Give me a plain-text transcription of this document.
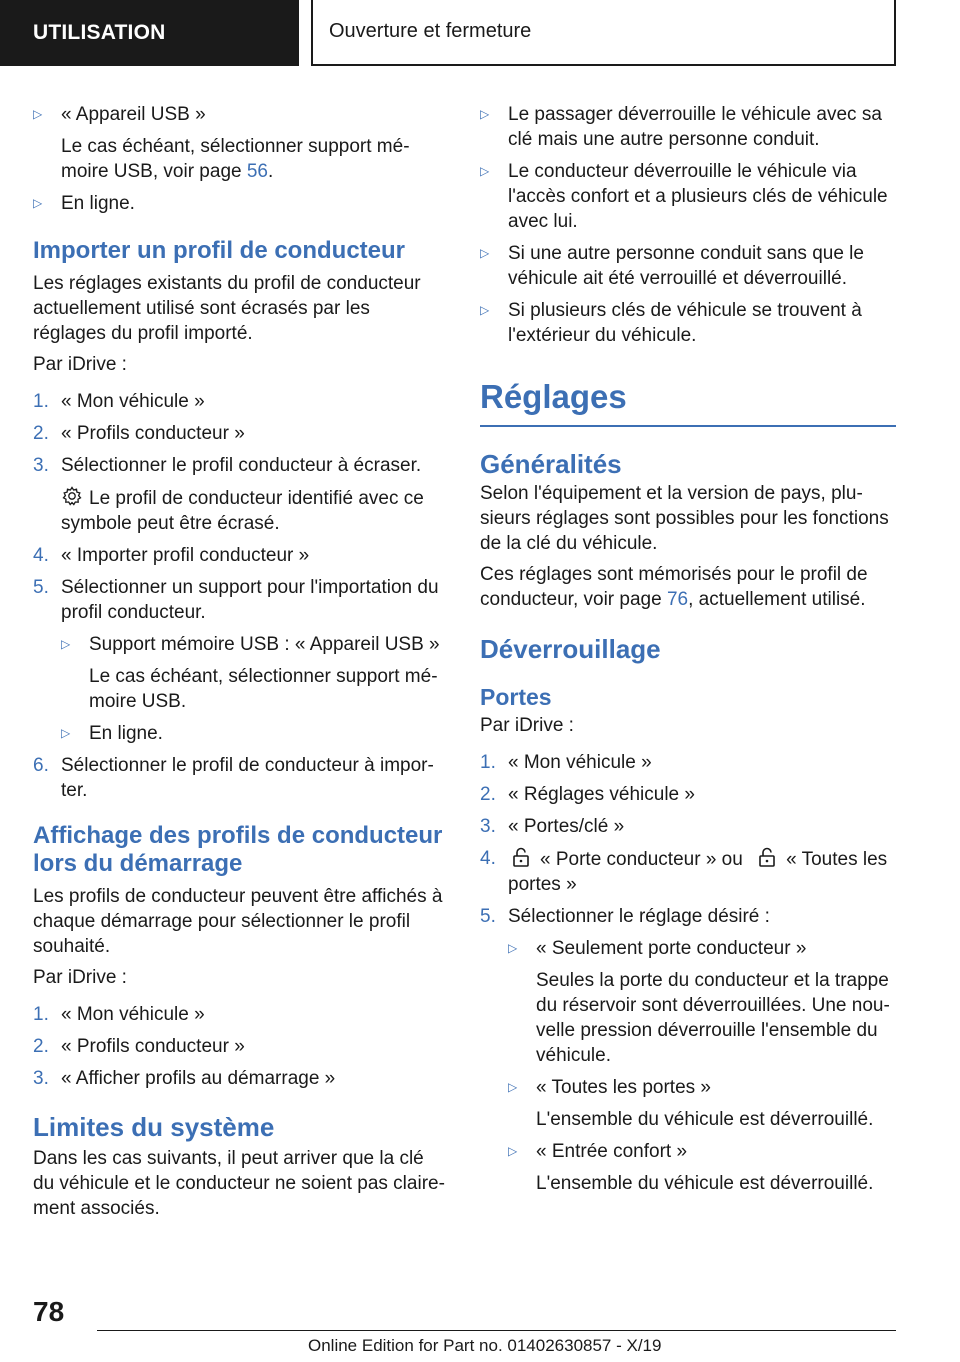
UTILISATION	Ouverture et fermeture
▷ « Appareil USB »

Le cas échéant, sélectionner support mé-moire USB, voir page 56.

▷ En ligne.

Importer un profil de conducteur

Les réglages existants du profil de conducteur actuellement utilisé sont écrasés par les réglages du profil importé.

Par iDrive :

1. « Mon véhicule »

2. « Profils conducteur »

3. Sélectionner le profil conducteur à écraser.

Le profil de conducteur identifié avec ce symbole peut être écrasé.

4. « Importer profil conducteur »

5. Sélectionner un support pour l'importation du profil conducteur.

▷ Support mémoire USB : « Appareil USB »

Le cas échéant, sélectionner support mé-moire USB.

▷ En ligne.

6. Sélectionner le profil de conducteur à impor-ter.

Affichage des profils de conducteur lors du démarrage

Les profils de conducteur peuvent être affichés à chaque démarrage pour sélectionner le profil souhaité.

Par iDrive :

1. « Mon véhicule »

2. « Profils conducteur »

3. « Afficher profils au démarrage »

Limites du système

Dans les cas suivants, il peut arriver que la clé du véhicule et le conducteur ne soient pas claire-ment associés.

▷ Le passager déverrouille le véhicule avec sa clé mais une autre personne conduit.

▷ Le conducteur déverrouille le véhicule via l'accès confort et a plusieurs clés de véhicule avec lui.

▷ Si une autre personne conduit sans que le véhicule ait été verrouillé et déverrouillé.

▷ Si plusieurs clés de véhicule se trouvent à l'extérieur du véhicule.

Réglages
Généralités

Selon l'équipement et la version de pays, plu-sieurs réglages sont possibles pour les fonctions de la clé du véhicule.

Ces réglages sont mémorisés pour le profil de conducteur, voir page 76, actuellement utilisé.

Déverrouillage
Portes

Par iDrive :

1. « Mon véhicule »

2. « Réglages véhicule »

3. « Portes/clé »

4.	« Porte conducteur » ou « Toutes les portes »

5. Sélectionner le réglage désiré :

▷ « Seulement porte conducteur »

Seules la porte du conducteur et la trappe du réservoir sont déverrouillées. Une nou-velle pression déverrouille l'ensemble du véhicule.

▷ « Toutes les portes »

L'ensemble du véhicule est déverrouillé.

▷ « Entrée confort »

L'ensemble du véhicule est déverrouillé.

78
Online Edition for Part no. 01402630857 - X/19
